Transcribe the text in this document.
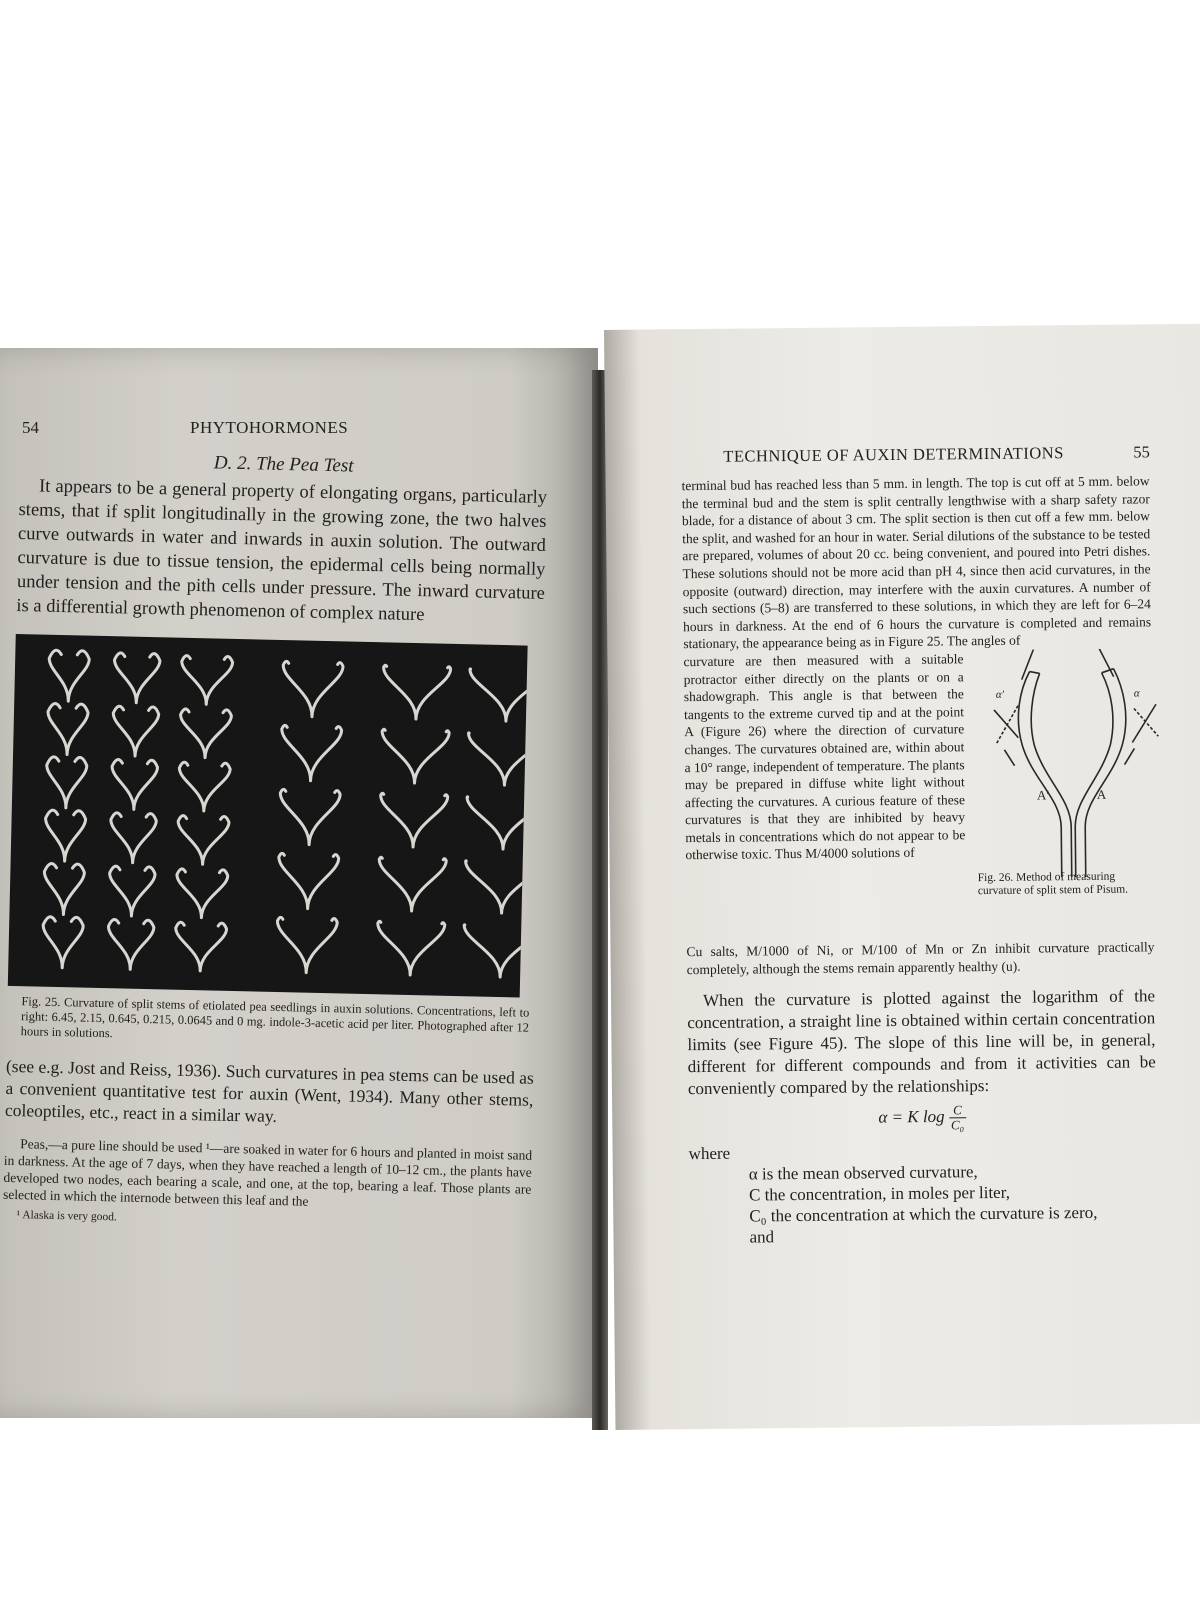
54	PHYTOHORMONES
D. 2. The Pea Test

It appears to be a general property of elongating organs, particularly stems, that if split longitudinally in the growing zone, the two halves curve outwards in water and inwards in auxin solution. The outward curvature is due to tissue tension, the epidermal cells being normally under tension and the pith cells under pressure. The inward curvature is a differential growth phenomenon of complex nature

Fig. 25. Curvature of split stems of etiolated pea seedlings in auxin solutions. Concentrations, left to right: 6.45, 2.15, 0.645, 0.215, 0.0645 and 0 mg. indole-3-acetic acid per liter. Photographed after 12 hours in solutions.
(see e.g. Jost and Reiss, 1936). Such curvatures in pea stems can be used as a convenient quantitative test for auxin (Went, 1934). Many other stems, coleoptiles, etc., react in a similar way.
Peas,—a pure line should be used ¹—are soaked in water for 6 hours and planted in moist sand in darkness. At the age of 7 days, when they have reached a length of 10–12 cm., the plants have developed two nodes, each bearing a scale, and one, at the top, bearing a leaf. Those plants are selected in which the internode between this leaf and the
¹ Alaska is very good.
TECHNIQUE OF AUXIN DETERMINATIONS	55

terminal bud has reached less than 5 mm. in length. The top is cut off at 5 mm. below the terminal bud and the stem is split centrally lengthwise with a sharp safety razor blade, for a distance of about 3 cm. The split section is then cut off a few mm. below the split, and washed for an hour in water. Serial dilutions of the substance to be tested are prepared, volumes of about 20 cc. being convenient, and poured into Petri dishes. These solutions should not be more acid than pH 4, since then acid curvatures, in the opposite (outward) direction, may interfere with the auxin curvatures. A number of such sections (5–8) are transferred to these solutions, in which they are left for 6–24 hours in darkness. At the end of 6 hours the curvature is completed and remains stationary, the appearance being as in Figure 25. The angles of

curvature are then measured with a suitable protractor either directly on the plants or on a shadowgraph. This angle is that between the tangents to the extreme curved tip and at the point A (Figure 26) where the direction of curvature changes. The curvatures obtained are, within about a 10° range, independent of temperature. The plants may be prepared in diffuse white light without affecting the curvatures. A curious feature of these curvatures is that they are inhibited by heavy metals in concentrations which do not appear to be otherwise toxic. Thus M/4000 solutions of
α′	α
A′	A
Fig. 26. Method of measuring curvature of split stem of Pisum.

Cu salts, M/1000 of Ni, or M/100 of Mn or Zn inhibit curvature practically completely, although the stems remain apparently healthy (u).

When the curvature is plotted against the logarithm of the concentration, a straight line is obtained within certain concentration limits (see Figure 45). The slope of this line will be, in general, different for different compounds and from it activities can be conveniently compared by the relationships:
α = K $\log \frac{C}{\text{C₀}}$
where
α is the mean observed curvature,
C the concentration, in moles per liter,
C₀ the concentration at which the curvature is zero,
and
